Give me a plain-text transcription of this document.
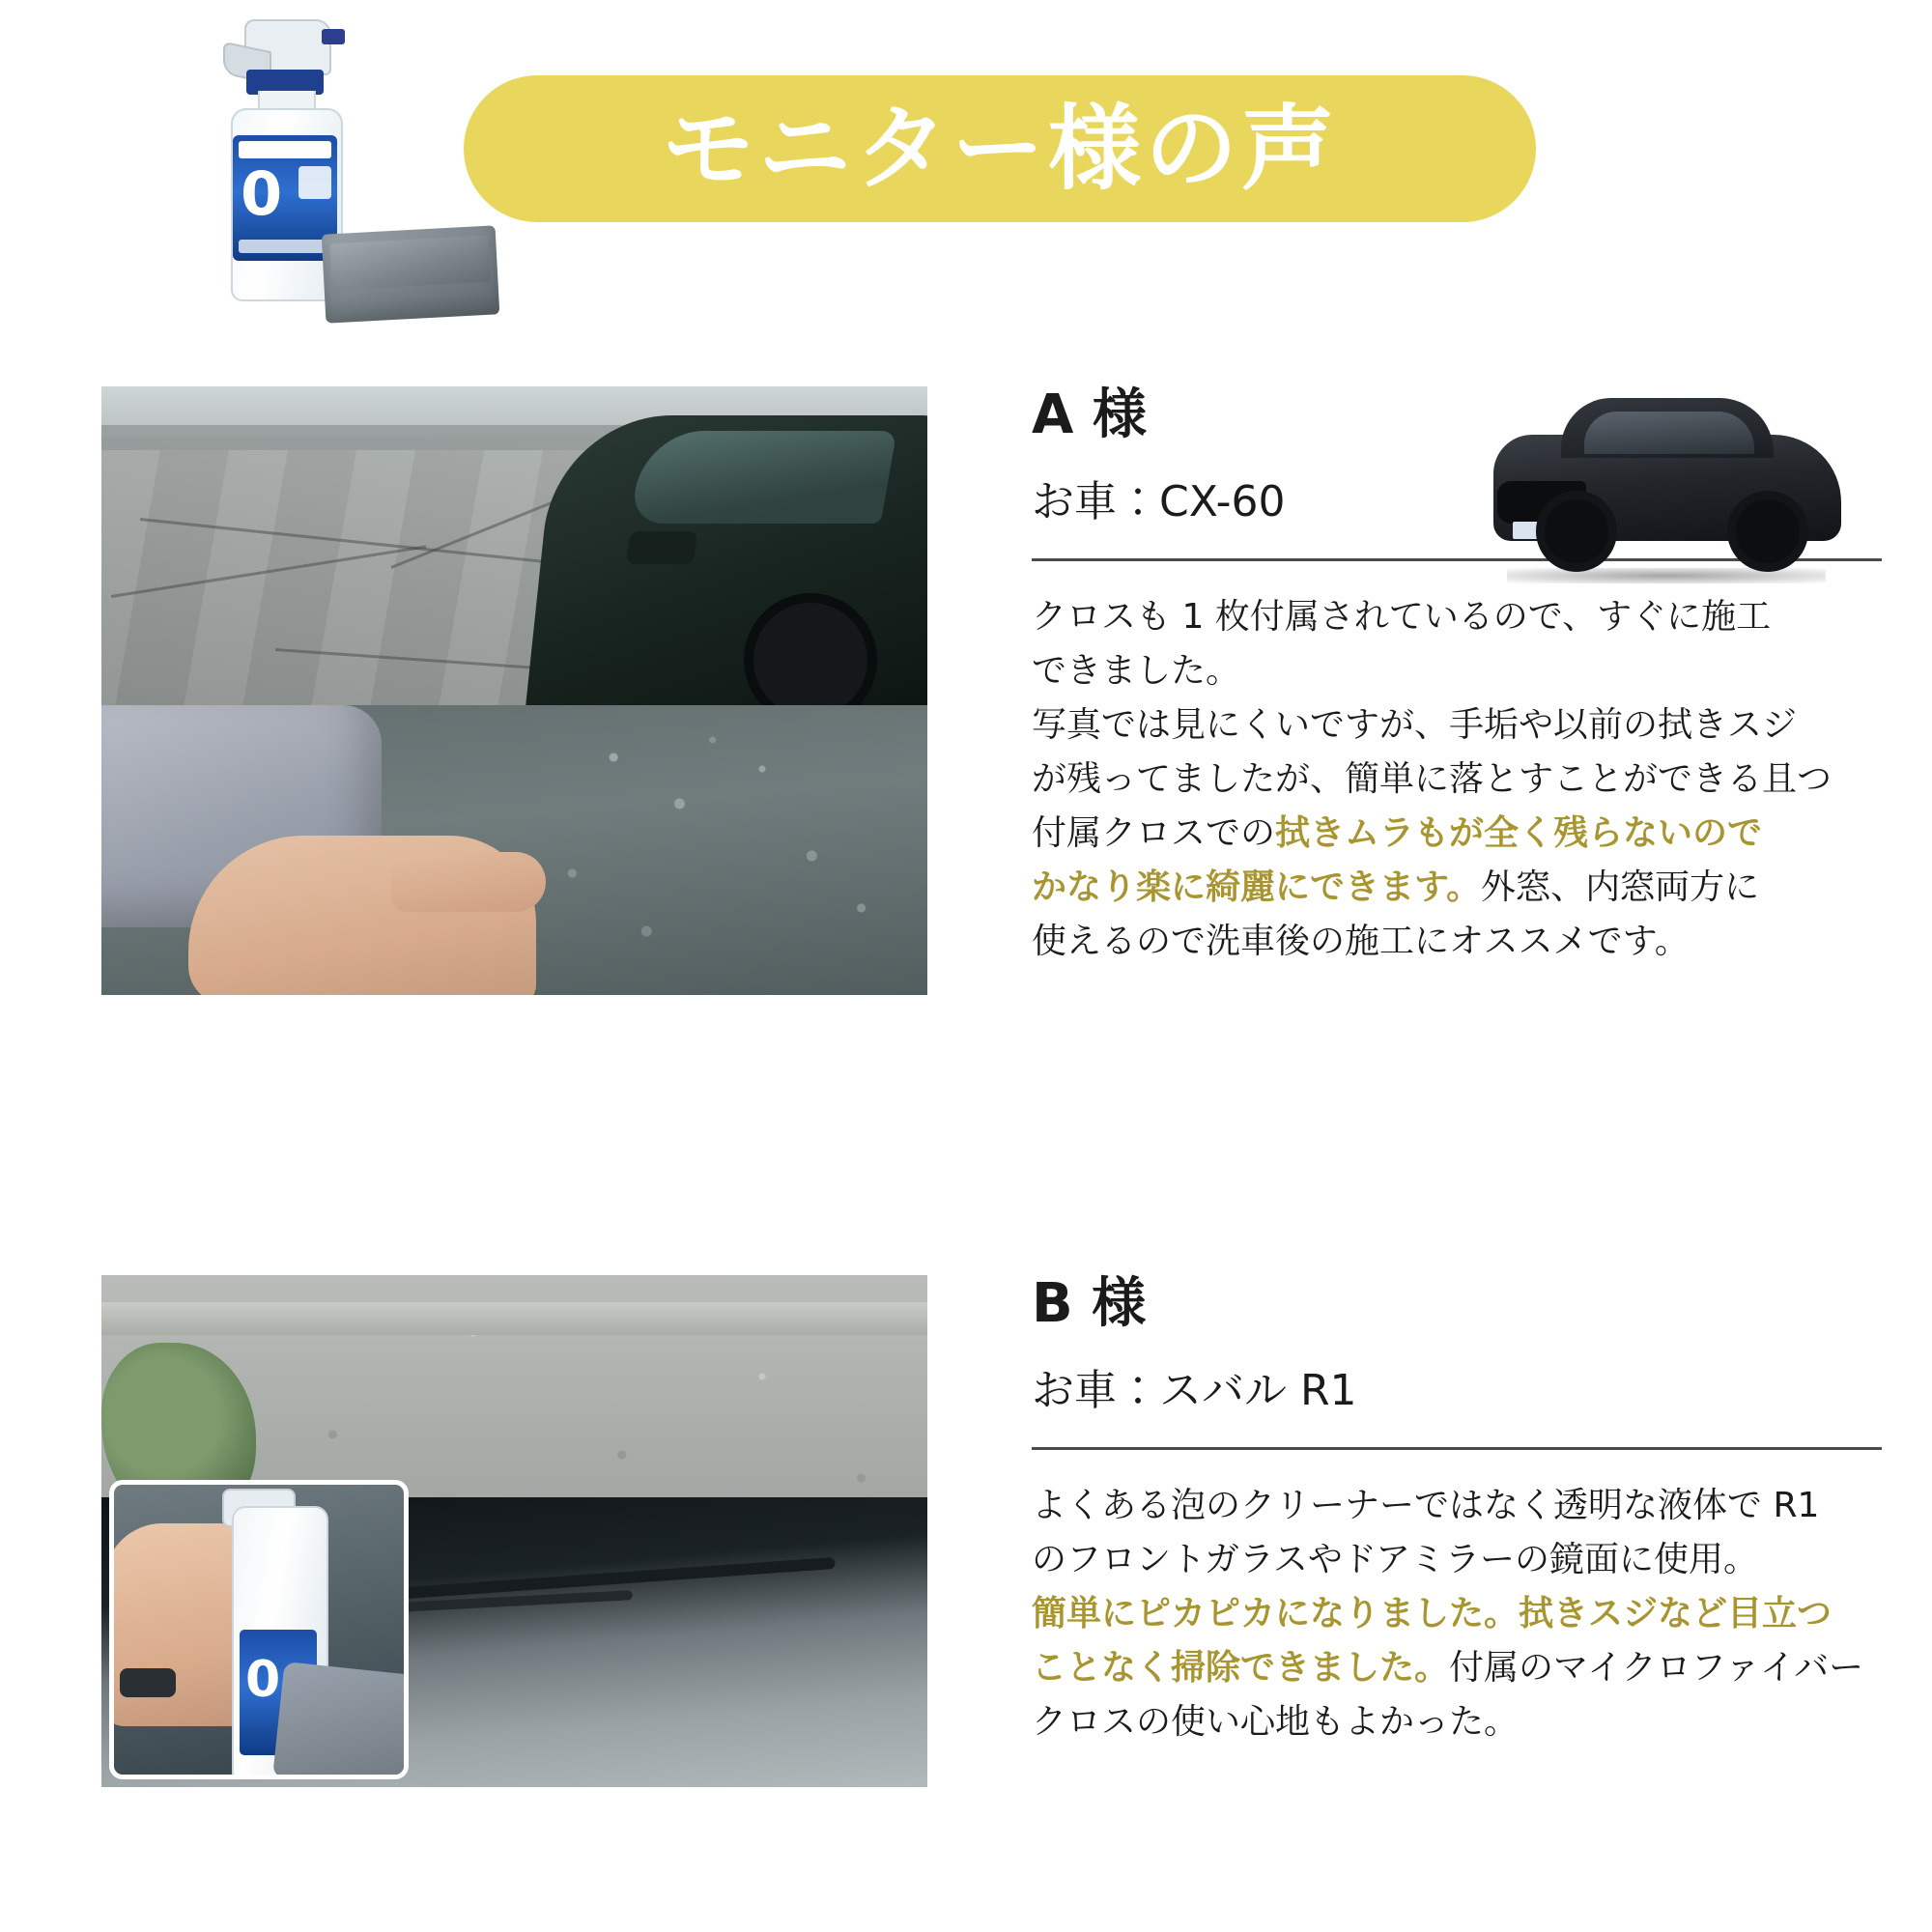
0	モニター様の声
A 様
お車：CX-60
クロスも 1 枚付属されているので、すぐに施工
できました。
写真では見にくいですが、手垢や以前の拭きスジ
が残ってましたが、簡単に落とすことができる且つ
付属クロスでの拭きムラもが全く残らないので
かなり楽に綺麗にできます。外窓、内窓両方に
使えるので洗車後の施工にオススメです。
0
B 様
お車：スバル R1
よくある泡のクリーナーではなく透明な液体で R1
のフロントガラスやドアミラーの鏡面に使用。
簡単にピカピカになりました。拭きスジなど目立つ
ことなく掃除できました。付属のマイクロファイバー
クロスの使い心地もよかった。
